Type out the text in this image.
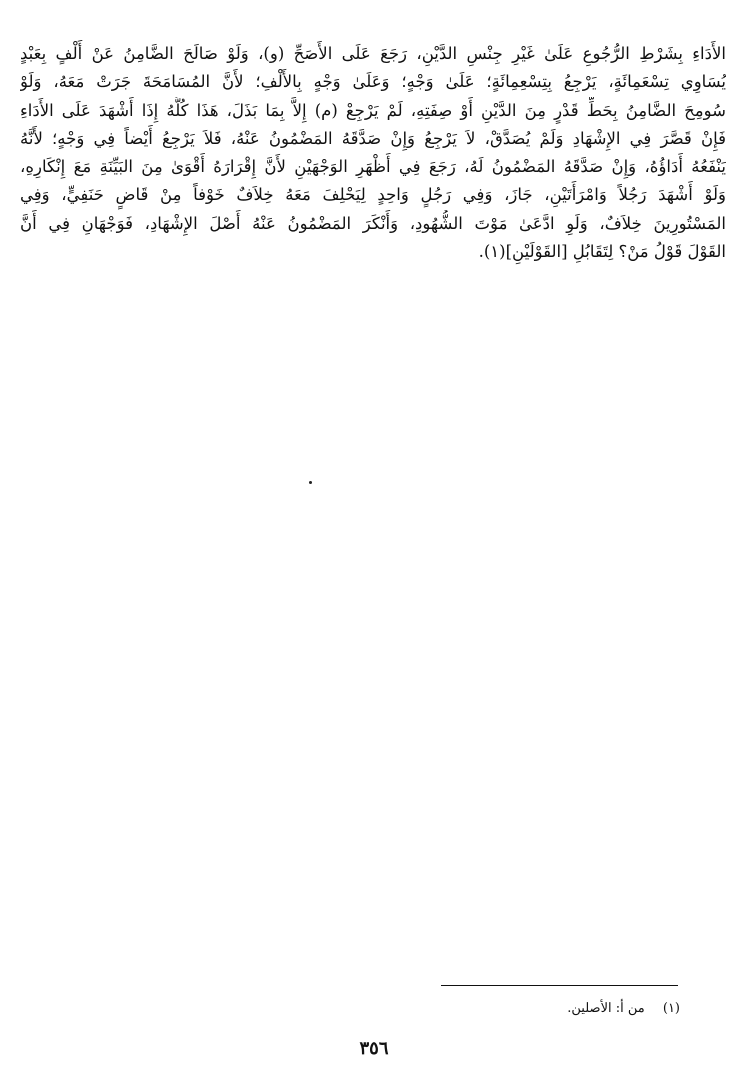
الأَدَاءِ بِشَرْطِ الرُّجُوعِ عَلَىٰ غَيْرِ جِنْسِ الدَّيْنِ، رَجَعَ عَلَى الأَصَحِّ (و)، وَلَوْ صَالَحَ الضَّامِنُ عَنْ أَلْفٍ بِعَبْدٍ
يُسَاوِي تِسْعَمِائَةٍ، يَرْجِعُ بِتِسْعِمِائَةٍ؛ عَلَىٰ وَجْهٍ؛ وَعَلَىٰ وَجْهٍ بِالأَلْفِ؛ لأَنَّ المُسَامَحَةَ جَرَتْ مَعَهُ، وَلَوْ
سُومِحَ الضَّامِنُ بِحَطِّ قَدْرٍ مِنَ الدَّيْنِ أَوْ صِفَتِهِ، لَمْ يَرْجِعْ (م) إِلاَّ بِمَا بَذَلَ، هَذَا كُلُّهُ إِذَا أَشْهَدَ عَلَى الأَدَاءِ
فَإِنْ قَصَّرَ فِي الإِشْهَادِ وَلَمْ يُصَدَّقْ، لاَ يَرْجِعُ وَإِنْ صَدَّقَهُ المَضْمُونُ عَنْهُ، فَلاَ يَرْجِعُ أَيْضاً فِي وَجْهٍ؛ لأَنَّهُ
يَنْفَعُهُ أَدَاؤُهُ، وَإِنْ صَدَّقَهُ المَضْمُونُ لَهُ، رَجَعَ فِي أَظْهَرِ الوَجْهَيْنِ لأَنَّ إِقْرَارَهُ أَقْوَىٰ مِنَ البَيِّنَةِ مَعَ إِنْكَارِهِ،
وَلَوْ أَشْهَدَ رَجُلاً وَامْرَأَتَيْنِ، جَازَ، وَفِي رَجُلٍ وَاحِدٍ لِيَحْلِفَ مَعَهُ خِلاَفٌ خَوْفاً مِنْ قَاضٍ حَنَفِيٍّ، وَفِي
المَسْتُورِينَ خِلاَفٌ، وَلَوِ ادَّعَىٰ مَوْتَ الشُّهُودِ، وَأَنْكَرَ المَضْمُونُ عَنْهُ أَصْلَ الإِشْهَادِ، فَوَجْهَانِ فِي أَنَّ
القَوْلَ قَوْلُ مَنْ؟ لِتَقَابُلِ [القَوْلَيْنِ](١).
(١) من أ: الأصلين.
٣٥٦
